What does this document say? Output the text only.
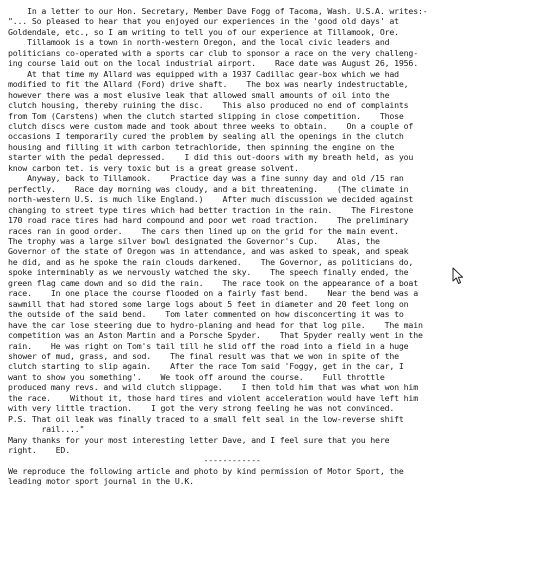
In a letter to our Hon. Secretary, Member Dave Fogg of Tacoma, Wash. U.S.A. writes:-
"... So pleased to hear that you enjoyed our experiences in the 'good old days' at
Goldendale, etc., so I am writing to tell you of our experience at Tillamook, Ore.
Tillamook is a town in north-western Oregon, and the local civic leaders and
politicians co-operated with a sports car club to sponsor a race on the very challeng-
ing course laid out on the local industrial airport.    Race date was August 26, 1956.
At that time my Allard was equipped with a 1937 Cadillac gear-box which we had
modified to fit the Allard (Ford) drive shaft.    The box was nearly indestructable,
however there was a most elusive leak that allowed small amounts of oil into the
clutch housing, thereby ruining the disc.    This also produced no end of complaints
from Tom (Carstens) when the clutch started slipping in close competition.    Those
clutch discs were custom made and took about three weeks to obtain.    On a couple of
occasions I temporarily cured the problem by sealing all the openings in the clutch
housing and filling it with carbon tetrachloride, then spinning the engine on the
starter with the pedal depressed.    I did this out-doors with my breath held, as you
know carbon tet. is very toxic but is a great grease solvent.
Anyway, back to Tillamook.    Practice day was a fine sunny day and old /15 ran
perfectly.    Race day morning was cloudy, and a bit threatening.    (The climate in
north-western U.S. is much like England.)    After much discussion we decided against
changing to street type tires which had better traction in the rain.    The Firestone
170 road race tires had hard compound and poor wet road traction.    The preliminary
races ran in good order.    The cars then lined up on the grid for the main event.
The trophy was a large silver bowl designated the Governor's Cup.    Alas, the
Governor of the state of Oregon was in attendance, and was asked to speak, and speak
he did, and as he spoke the rain clouds darkened.    The Governor, as politicians do,
spoke interminably as we nervously watched the sky.    The speech finally ended, the
green flag came down and so did the rain.    The race took on the appearance of a boat
race.    In one place the course flooded on a fairly fast bend.    Near the bend was a
sawmill that had stored some large logs about 5 feet in diameter and 20 feet long on
the outside of the said bend.    Tom later commented on how disconcerting it was to
have the car lose steering due to hydro-planing and head for that log pile.    The main
competition was an Aston Martin and a Porsche Spyder.    That Spyder really went in the
rain.    He was right on Tom's tail till he slid off the road into a field in a huge
shower of mud, grass, and sod.    The final result was that we won in spite of the
clutch starting to slip again.    After the race Tom said 'Foggy, get in the car, I
want to show you something'.    We took off around the course.    Full throttle
produced many revs. and wild clutch slippage.    I then told him that was what won him
the race.    Without it, those hard tires and violent acceleration would have left him
with very little traction.    I got the very strong feeling he was not convinced.
P.S. That oil leak was finally traced to a small felt seal in the low-reverse shift
rail...."
Many thanks for your most interesting letter Dave, and I feel sure that you here
right.    ED.
------------
We reproduce the following article and photo by kind permission of Motor Sport, the
leading motor sport journal in the U.K.
